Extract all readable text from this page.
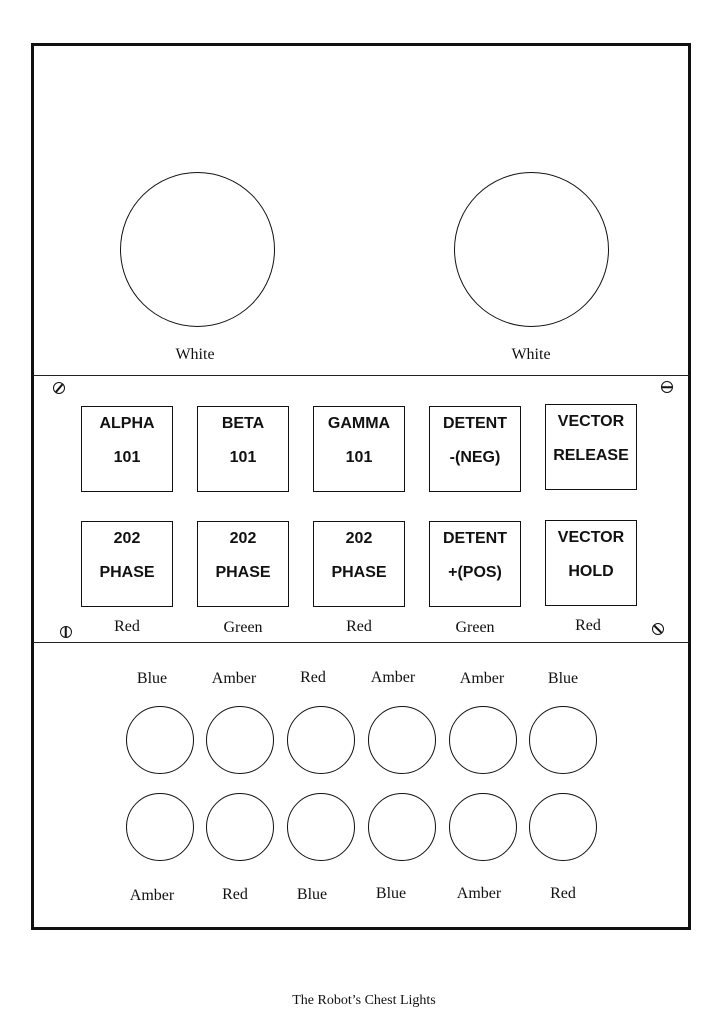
White	White
ALPHA
101
BETA
101
GAMMA
101
DETENT
-(NEG)
VECTOR
RELEASE
202
PHASE
202
PHASE
202
PHASE
DETENT
+(POS)
VECTOR
HOLD
Red	Green	Red	Green	Red
Blue	Amber	Red	Amber	Amber	Blue
Amber	Red	Blue	Blue	Amber	Red
The Robot’s Chest Lights
